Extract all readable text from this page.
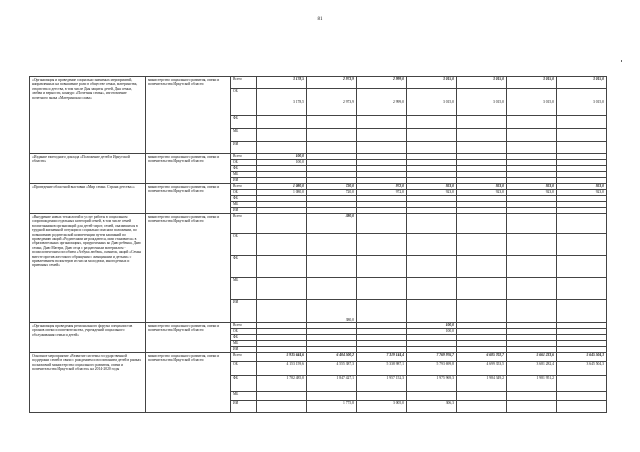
81
«Организация и проведение социально значимых мероприятий, направленных на повышение роли в обществе семьи, материнства, отцовства и детства, в том числе Дня защиты детей, Дня семьи, любви и верности, конкурс «Почетная семья», изготовление почетного знака «Материнская слава»	министерство социального развития, опеки и попечительства Иркутской области	Всего	3 178,5	2 973,9	2 999,0	3 015,0	3 015,0	3 015,0	3 015,0
		ОБ	3 178,5	2 973,9	2 999,0	3 015,0	3 015,0	3 015,0	3 015,0
		ФБ							
		МБ							
		ИИ							
«Издание ежегодного доклада «Положение детей в Иркутской области»	министерство социального развития, опеки и попечительства Иркутской области	Всего	100,0						
		ОБ	100,0						
		ФБ							
		МБ							
		ИИ							
«Проведение областной выставки «Мир семьи. Страна детства»»	министерство социального развития, опеки и попечительства Иркутской области	Всего	1 080,0	720,0	972,0	923,0	923,0	923,0	923,0
		ОБ	1 080,0	720,0	972,0	923,0	923,0	923,0	923,0
		ФБ							
		МБ							
		ИИ							
«Внедрение новых технологий и услуг работы в социальном сопровождении отдельных категорий семей, в том числе семей воспитанников организаций для детей-сирот, семей, оказавшихся в трудной жизненной ситуации и социально опасном положении, по повышению родительской компетенции путем кампаний по проведению акций «Родителями не рождаются, ими становятся» в образовательных организациях, приуроченных ко Дню ребенка, Дню семьи, Дню Матери, Дню отца с раздаточным материалом - психологическим пособием «Азбука любви», памяток, акций «Семья вместе против жестокого обращения с женщинами и детьми» с привлечением волонтеров из числа молодежи, многодетных и приемных семей»	министерство социального развития, опеки и попечительства Иркутской области	Всего		380,0					
		ОБ							
		ФБ							
		МБ							
		ИИ		380,0					
«Организация проведения регионального форума специалистов органов опеки и попечительства, учреждений социального обслуживания семьи и детей»	министерство социального развития, опеки и попечительства Иркутской области	Всего				100,0			
		ОБ				100,0			
		ФБ							
		МБ							
		ИИ							
Основное мероприятие «Развитие системы государственной поддержки семей в связи с рождением и воспитанием детей в рамках полномочий министерства социального развития, опеки и попечительства Иркутской области» на 2014-2020 годы	министерство социального развития, опеки и попечительства Иркутской области	Всего	5 935 644,6	6 404 500,2	7 319 144,4	7 769 976,7	6 685 702,7	5 661 233,6	5 645 504,3
		ОБ	4 153 159,6	4 555 387,3	5 338 987,1	5 793 699,8	4 699 353,5	3 681 282,4	3 645 504,3
		ФБ	1 782 485,0	1 847 427,1	1 957 152,3	1 975 969,3	1 984 349,2	1 981 951,2	
		МБ							
		ИИ		1 775,8	3 005,0	306,3			
